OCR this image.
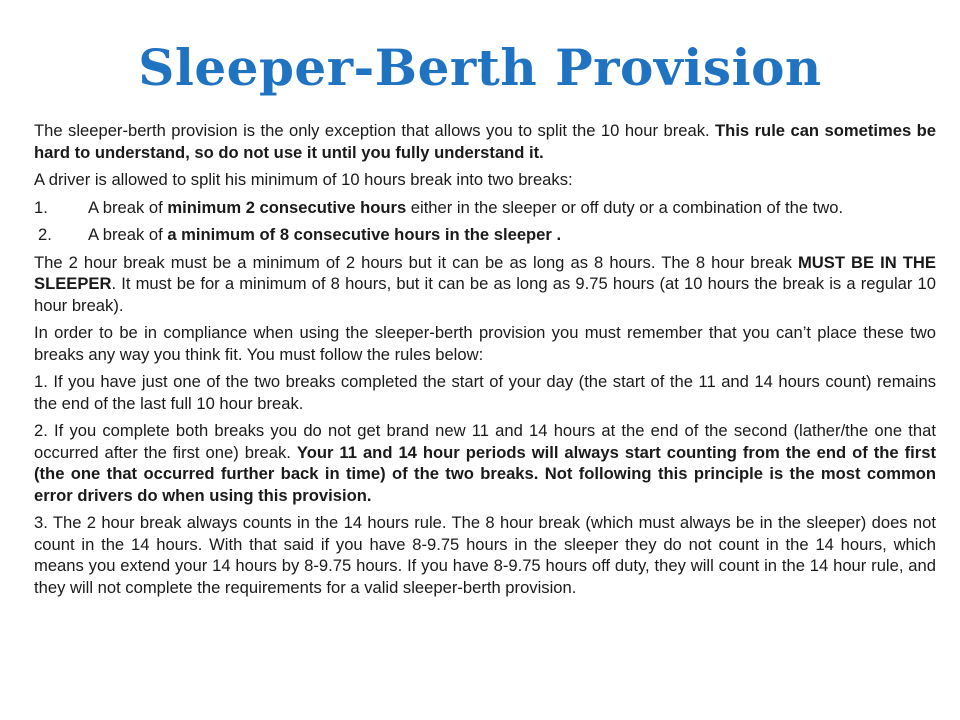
Sleeper-Berth Provision

The sleeper-berth provision is the only exception that allows you to split the 10 hour break. This rule can sometimes be hard to understand, so do not use it until you fully understand it.

A driver is allowed to split his minimum of 10 hours break into two breaks:

1.	A break of minimum 2 consecutive hours either in the sleeper or off duty or a combination of the two.
2.	A break of a minimum of 8 consecutive hours in the sleeper .

The 2 hour break must be a minimum of 2 hours but it can be as long as 8 hours. The 8 hour break MUST BE IN THE SLEEPER. It must be for a minimum of 8 hours, but it can be as long as 9.75 hours (at 10 hours the break is a regular 10 hour break).

In order to be in compliance when using the sleeper-berth provision you must remember that you can’t place these two breaks any way you think fit. You must follow the rules below:

1. If you have just one of the two breaks completed the start of your day (the start of the 11 and 14 hours count) remains the end of the last full 10 hour break.

2. If you complete both breaks you do not get brand new 11 and 14 hours at the end of the second (lather/the one that occurred after the first one) break. Your 11 and 14 hour periods will always start counting from the end of the first (the one that occurred further back in time) of the two breaks. Not following this principle is the most common error drivers do when using this provision.

3. The 2 hour break always counts in the 14 hours rule. The 8 hour break (which must always be in the sleeper) does not count in the 14 hours. With that said if you have 8-9.75 hours in the sleeper they do not count in the 14 hours, which means you extend your 14 hours by 8-9.75 hours. If you have 8-9.75 hours off duty, they will count in the 14 hour rule, and they will not complete the requirements for a valid sleeper-berth provision.
